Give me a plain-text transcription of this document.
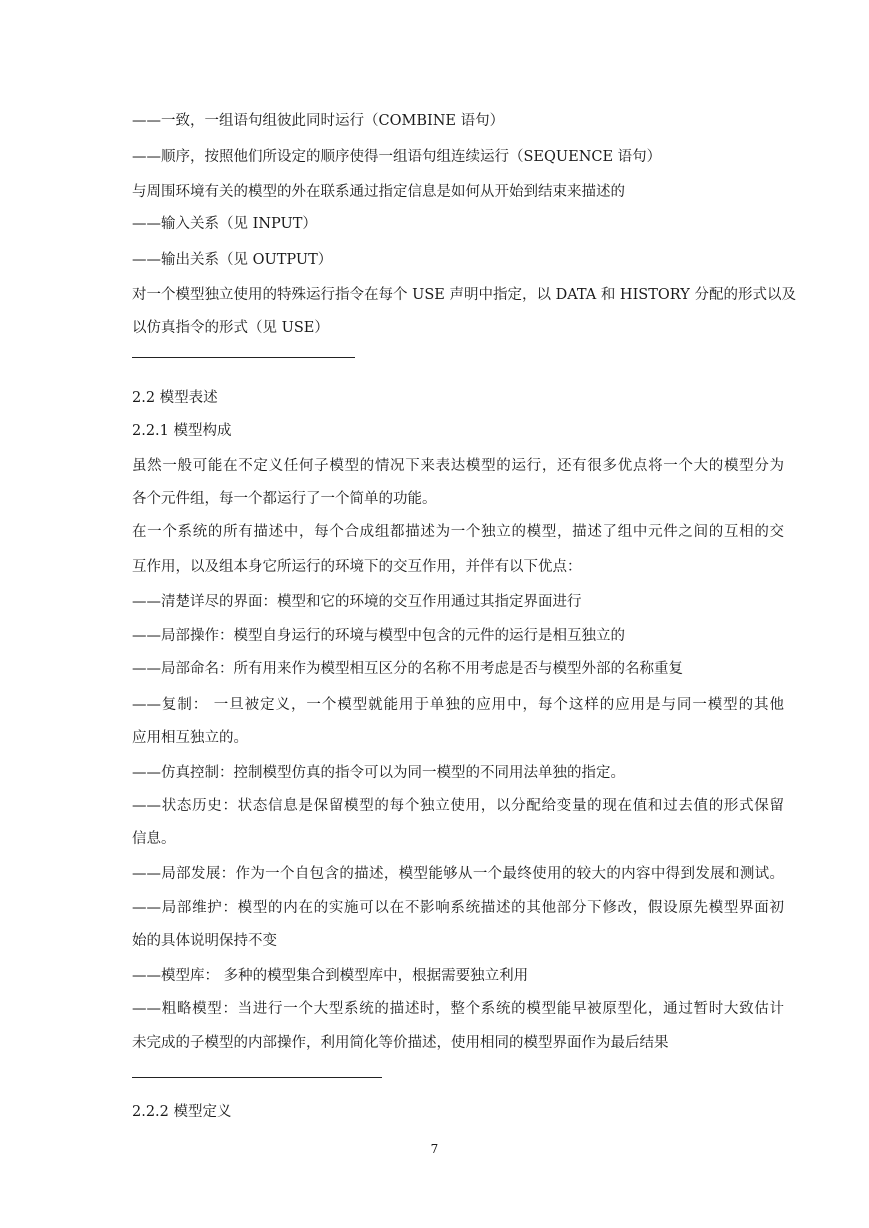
——一致，一组语句组彼此同时运行（COMBINE 语句）
——顺序，按照他们所设定的顺序使得一组语句组连续运行（SEQUENCE 语句）
与周围环境有关的模型的外在联系通过指定信息是如何从开始到结束来描述的
——输入关系（见 INPUT）
——输出关系（见 OUTPUT）
对一个模型独立使用的特殊运行指令在每个 USE 声明中指定，以 DATA 和 HISTORY 分配的形式以及
以仿真指令的形式（见 USE）
2.2 模型表述
2.2.1 模型构成
虽然一般可能在不定义任何子模型的情况下来表达模型的运行，还有很多优点将一个大的模型分为
各个元件组，每一个都运行了一个简单的功能。
在一个系统的所有描述中，每个合成组都描述为一个独立的模型，描述了组中元件之间的互相的交
互作用，以及组本身它所运行的环境下的交互作用，并伴有以下优点：
——清楚详尽的界面：模型和它的环境的交互作用通过其指定界面进行
——局部操作：模型自身运行的环境与模型中包含的元件的运行是相互独立的
——局部命名：所有用来作为模型相互区分的名称不用考虑是否与模型外部的名称重复
——复制： 一旦被定义，一个模型就能用于单独的应用中，每个这样的应用是与同一模型的其他
应用相互独立的。
——仿真控制：控制模型仿真的指令可以为同一模型的不同用法单独的指定。
——状态历史：状态信息是保留模型的每个独立使用，以分配给变量的现在值和过去值的形式保留
信息。
——局部发展：作为一个自包含的描述，模型能够从一个最终使用的较大的内容中得到发展和测试。
——局部维护：模型的内在的实施可以在不影响系统描述的其他部分下修改，假设原先模型界面初
始的具体说明保持不变
——模型库： 多种的模型集合到模型库中，根据需要独立利用
——粗略模型：当进行一个大型系统的描述时，整个系统的模型能早被原型化，通过暂时大致估计
未完成的子模型的内部操作，利用简化等价描述，使用相同的模型界面作为最后结果
2.2.2 模型定义
7
